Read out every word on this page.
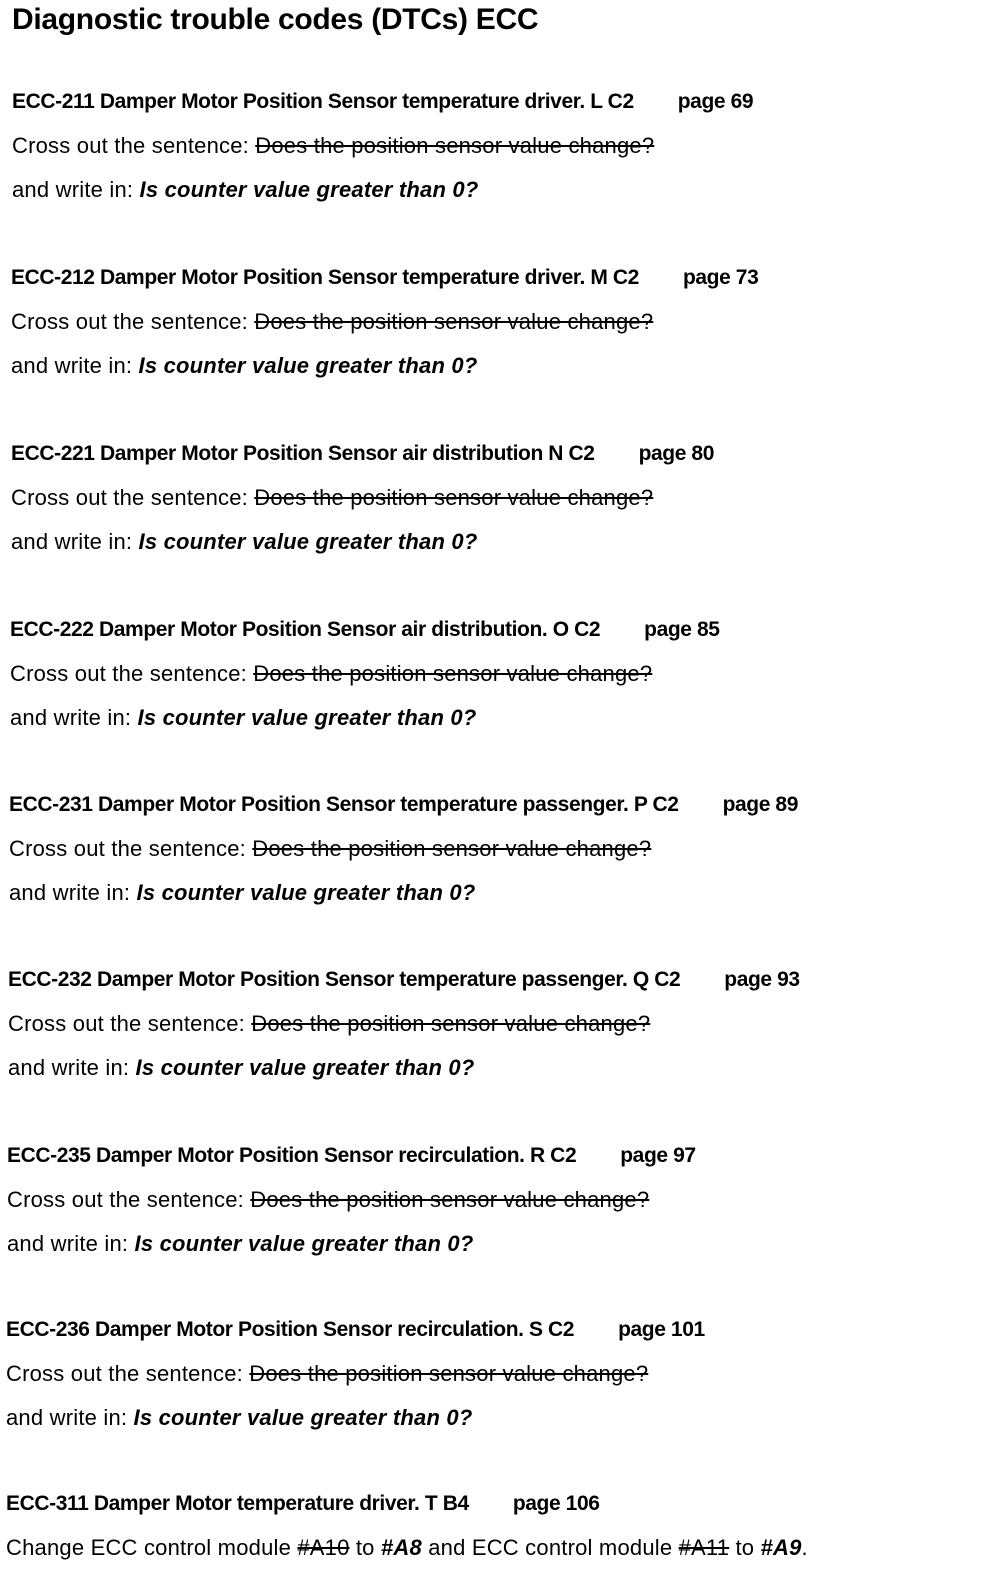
Diagnostic trouble codes (DTCs) ECC
ECC-211 Damper Motor Position Sensor temperature driver. L C2 page 69
Cross out the sentence: Does the position sensor value change?
and write in: Is counter value greater than 0?
ECC-212 Damper Motor Position Sensor temperature driver. M C2 page 73
Cross out the sentence: Does the position sensor value change?
and write in: Is counter value greater than 0?
ECC-221 Damper Motor Position Sensor air distribution N C2 page 80
Cross out the sentence: Does the position sensor value change?
and write in: Is counter value greater than 0?
ECC-222 Damper Motor Position Sensor air distribution. O C2 page 85
Cross out the sentence: Does the position sensor value change?
and write in: Is counter value greater than 0?
ECC-231 Damper Motor Position Sensor temperature passenger. P C2 page 89
Cross out the sentence: Does the position sensor value change?
and write in: Is counter value greater than 0?
ECC-232 Damper Motor Position Sensor temperature passenger. Q C2 page 93
Cross out the sentence: Does the position sensor value change?
and write in: Is counter value greater than 0?
ECC-235 Damper Motor Position Sensor recirculation. R C2 page 97
Cross out the sentence: Does the position sensor value change?
and write in: Is counter value greater than 0?
ECC-236 Damper Motor Position Sensor recirculation. S C2 page 101
Cross out the sentence: Does the position sensor value change?
and write in: Is counter value greater than 0?
ECC-311 Damper Motor temperature driver. T B4 page 106
Change ECC control module #A10 to #A8 and ECC control module #A11 to #A9.
